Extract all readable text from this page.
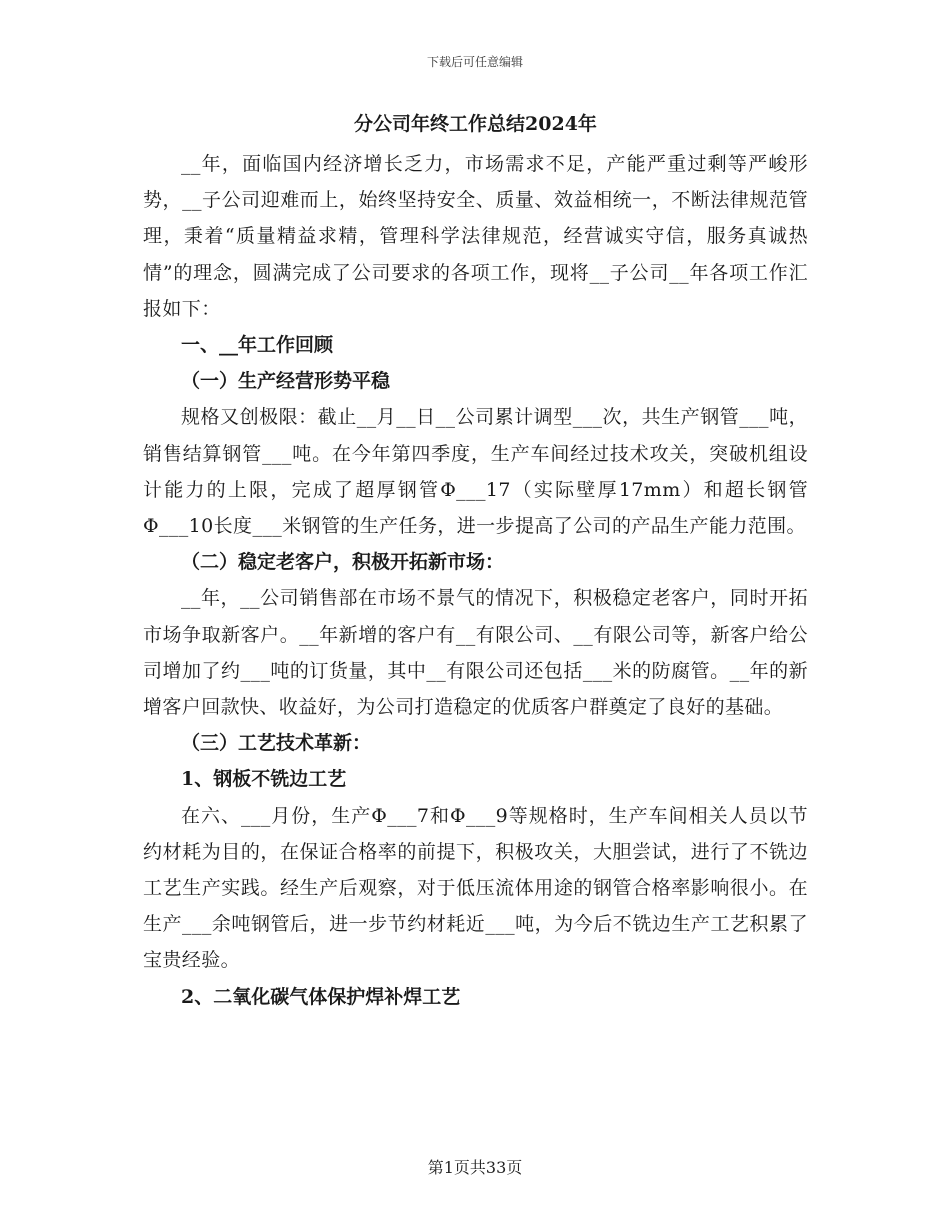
下载后可任意编辑
分公司年终工作总结2024年

__年，面临国内经济增长乏力，市场需求不足，产能严重过剩等严峻形势，__子公司迎难而上，始终坚持安全、质量、效益相统一，不断法律规范管理，秉着“质量精益求精，管理科学法律规范，经营诚实守信，服务真诚热情”的理念，圆满完成了公司要求的各项工作，现将__子公司__年各项工作汇报如下：

一、__年工作回顾
（一）生产经营形势平稳

规格又创极限：截止__月__日__公司累计调型___次，共生产钢管___吨，销售结算钢管___吨。在今年第四季度，生产车间经过技术攻关，突破机组设计能力的上限，完成了超厚钢管Φ___17（实际壁厚17mm）和超长钢管Φ___10长度___米钢管的生产任务，进一步提高了公司的产品生产能力范围。

（二）稳定老客户，积极开拓新市场：

__年，__公司销售部在市场不景气的情况下，积极稳定老客户，同时开拓市场争取新客户。__年新增的客户有__有限公司、__有限公司等，新客户给公司增加了约___吨的订货量，其中__有限公司还包括___米的防腐管。__年的新增客户回款快、收益好，为公司打造稳定的优质客户群奠定了良好的基础。

（三）工艺技术革新：
1、钢板不铣边工艺

在六、___月份，生产Φ___7和Φ___9等规格时，生产车间相关人员以节约材耗为目的，在保证合格率的前提下，积极攻关，大胆尝试，进行了不铣边工艺生产实践。经生产后观察，对于低压流体用途的钢管合格率影响很小。在生产___余吨钢管后，进一步节约材耗近___吨，为今后不铣边生产工艺积累了宝贵经验。

2、二氧化碳气体保护焊补焊工艺
第1页共33页
